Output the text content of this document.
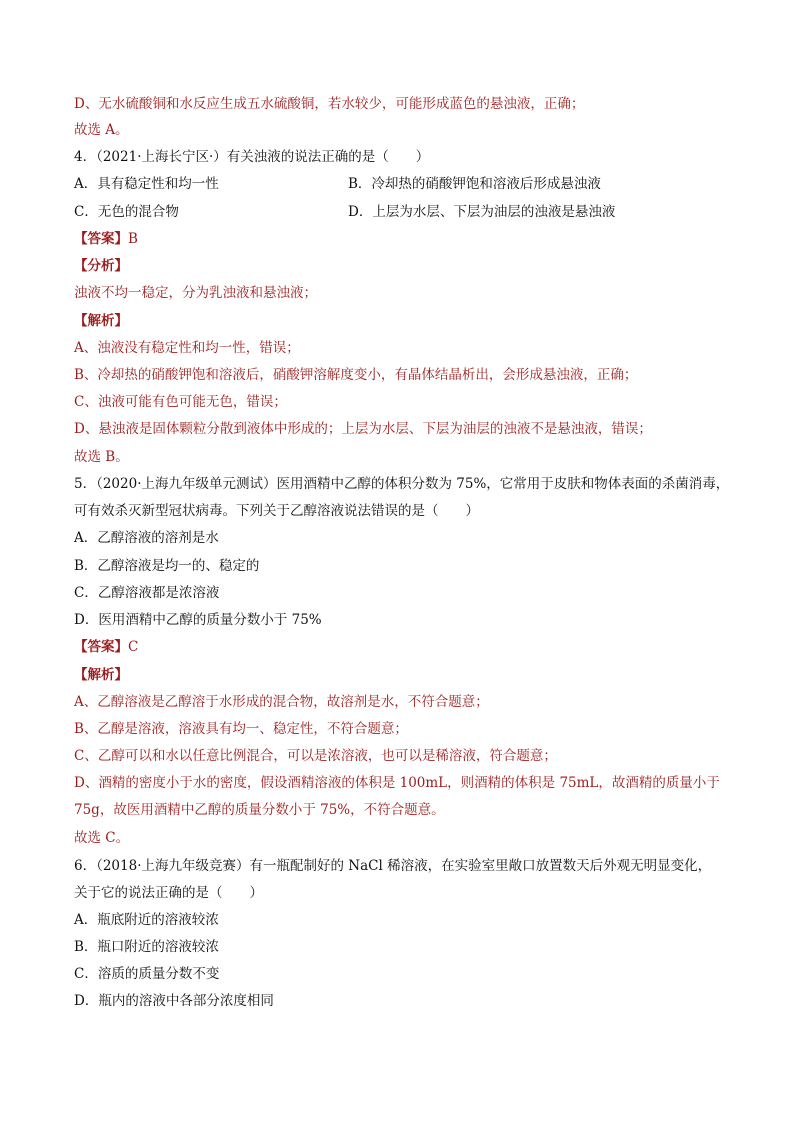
D、无水硫酸铜和水反应生成五水硫酸铜，若水较少，可能形成蓝色的悬浊液，正确；
故选 A。
4．（2021·上海长宁区·）有关浊液的说法正确的是（　　）
A．具有稳定性和均一性	B．冷却热的硝酸钾饱和溶液后形成悬浊液
C．无色的混合物	D．上层为水层、下层为油层的浊液是悬浊液
【答案】B
【分析】
浊液不均一稳定，分为乳浊液和悬浊液；
【解析】
A、浊液没有稳定性和均一性，错误；
B、冷却热的硝酸钾饱和溶液后，硝酸钾溶解度变小，有晶体结晶析出，会形成悬浊液，正确；
C、浊液可能有色可能无色，错误；
D、悬浊液是固体颗粒分散到液体中形成的；上层为水层、下层为油层的浊液不是悬浊液，错误；
故选 B。
5．（2020·上海九年级单元测试）医用酒精中乙醇的体积分数为 75%，它常用于皮肤和物体表面的杀菌消毒，
可有效杀灭新型冠状病毒。下列关于乙醇溶液说法错误的是（　　）
A．乙醇溶液的溶剂是水
B．乙醇溶液是均一的、稳定的
C．乙醇溶液都是浓溶液
D．医用酒精中乙醇的质量分数小于 75%
【答案】C
【解析】
A、乙醇溶液是乙醇溶于水形成的混合物，故溶剂是水，不符合题意；
B、乙醇是溶液，溶液具有均一、稳定性，不符合题意；
C、乙醇可以和水以任意比例混合，可以是浓溶液，也可以是稀溶液，符合题意；
D、酒精的密度小于水的密度，假设酒精溶液的体积是 100mL，则酒精的体积是 75mL，故酒精的质量小于
75g，故医用酒精中乙醇的质量分数小于 75%，不符合题意。
故选 C。
6．（2018·上海九年级竞赛）有一瓶配制好的 NaCl 稀溶液，在实验室里敞口放置数天后外观无明显变化，
关于它的说法正确的是（　　）
A．瓶底附近的溶液较浓
B．瓶口附近的溶液较浓
C．溶质的质量分数不变
D．瓶内的溶液中各部分浓度相同
